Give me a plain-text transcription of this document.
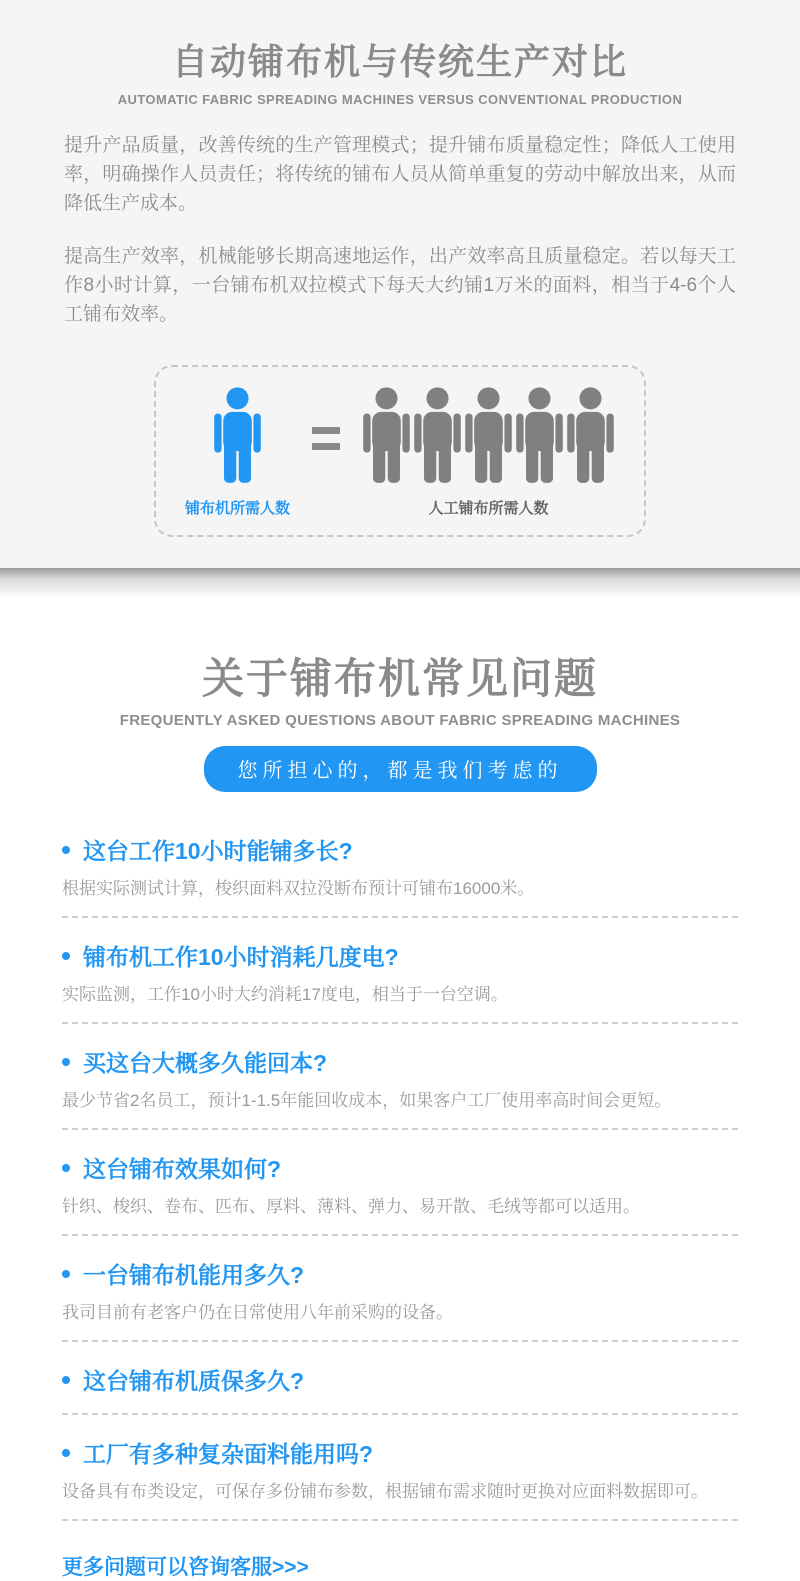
自动铺布机与传统生产对比
AUTOMATIC FABRIC SPREADING MACHINES VERSUS CONVENTIONAL PRODUCTION

提升产品质量，改善传统的生产管理模式；提升铺布质量稳定性；降低人工使用率，明确操作人员责任；将传统的铺布人员从简单重复的劳动中解放出来，从而降低生产成本。

提高生产效率，机械能够长期高速地运作，出产效率高且质量稳定。若以每天工作8小时计算，一台铺布机双拉模式下每天大约铺1万米的面料，相当于4-6个人工铺布效率。

铺布机所需人数	人工铺布所需人数
关于铺布机常见问题
FREQUENTLY ASKED QUESTIONS ABOUT FABRIC SPREADING MACHINES
您所担心的，都是我们考虑的
这台工作10小时能铺多长?
根据实际测试计算，梭织面料双拉没断布预计可铺布16000米。
铺布机工作10小时消耗几度电?
实际监测，工作10小时大约消耗17度电，相当于一台空调。
买这台大概多久能回本?
最少节省2名员工，预计1-1.5年能回收成本，如果客户工厂使用率高时间会更短。
这台铺布效果如何?
针织、梭织、卷布、匹布、厚料、薄料、弹力、易开散、毛绒等都可以适用。
一台铺布机能用多久?
我司目前有老客户仍在日常使用八年前采购的设备。
这台铺布机质保多久?
工厂有多种复杂面料能用吗?
设备具有布类设定，可保存多份铺布参数，根据铺布需求随时更换对应面料数据即可。
更多问题可以咨询客服>>>
